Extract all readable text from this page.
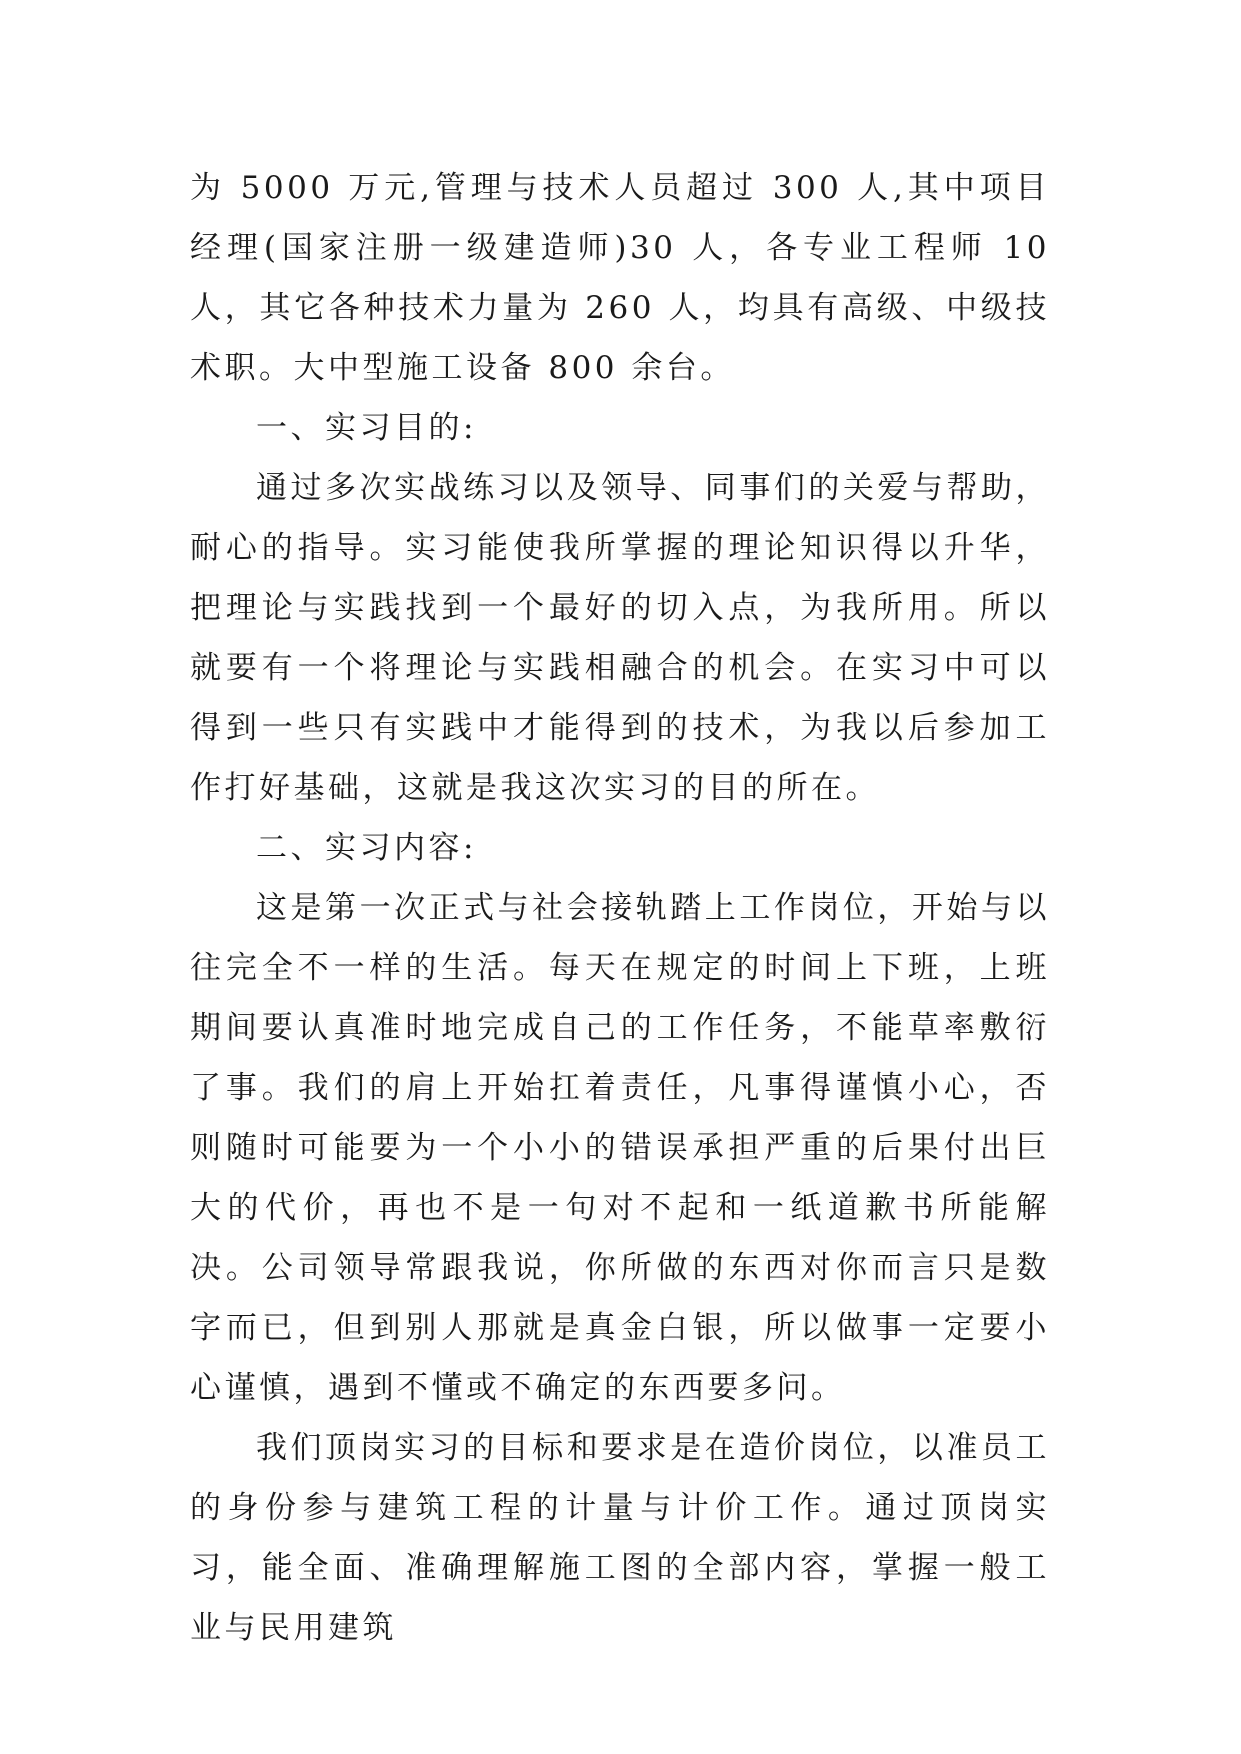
为 5000 万元,管理与技术人员超过 300 人,其中项目经理(国家注册一级建造师)30 人，各专业工程师 10 人，其它各种技术力量为 260 人，均具有高级、中级技术职。大中型施工设备 800 余台。

一、实习目的:

通过多次实战练习以及领导、同事们的关爱与帮助，耐心的指导。实习能使我所掌握的理论知识得以升华，把理论与实践找到一个最好的切入点，为我所用。所以就要有一个将理论与实践相融合的机会。在实习中可以得到一些只有实践中才能得到的技术，为我以后参加工作打好基础，这就是我这次实习的目的所在。

二、实习内容:

这是第一次正式与社会接轨踏上工作岗位，开始与以往完全不一样的生活。每天在规定的时间上下班，上班期间要认真准时地完成自己的工作任务，不能草率敷衍了事。我们的肩上开始扛着责任，凡事得谨慎小心，否则随时可能要为一个小小的错误承担严重的后果付出巨大的代价，再也不是一句对不起和一纸道歉书所能解决。公司领导常跟我说，你所做的东西对你而言只是数字而已，但到别人那就是真金白银，所以做事一定要小心谨慎，遇到不懂或不确定的东西要多问。

我们顶岗实习的目标和要求是在造价岗位，以准员工的身份参与建筑工程的计量与计价工作。通过顶岗实习，能全面、准确理解施工图的全部内容，掌握一般工业与民用建筑
